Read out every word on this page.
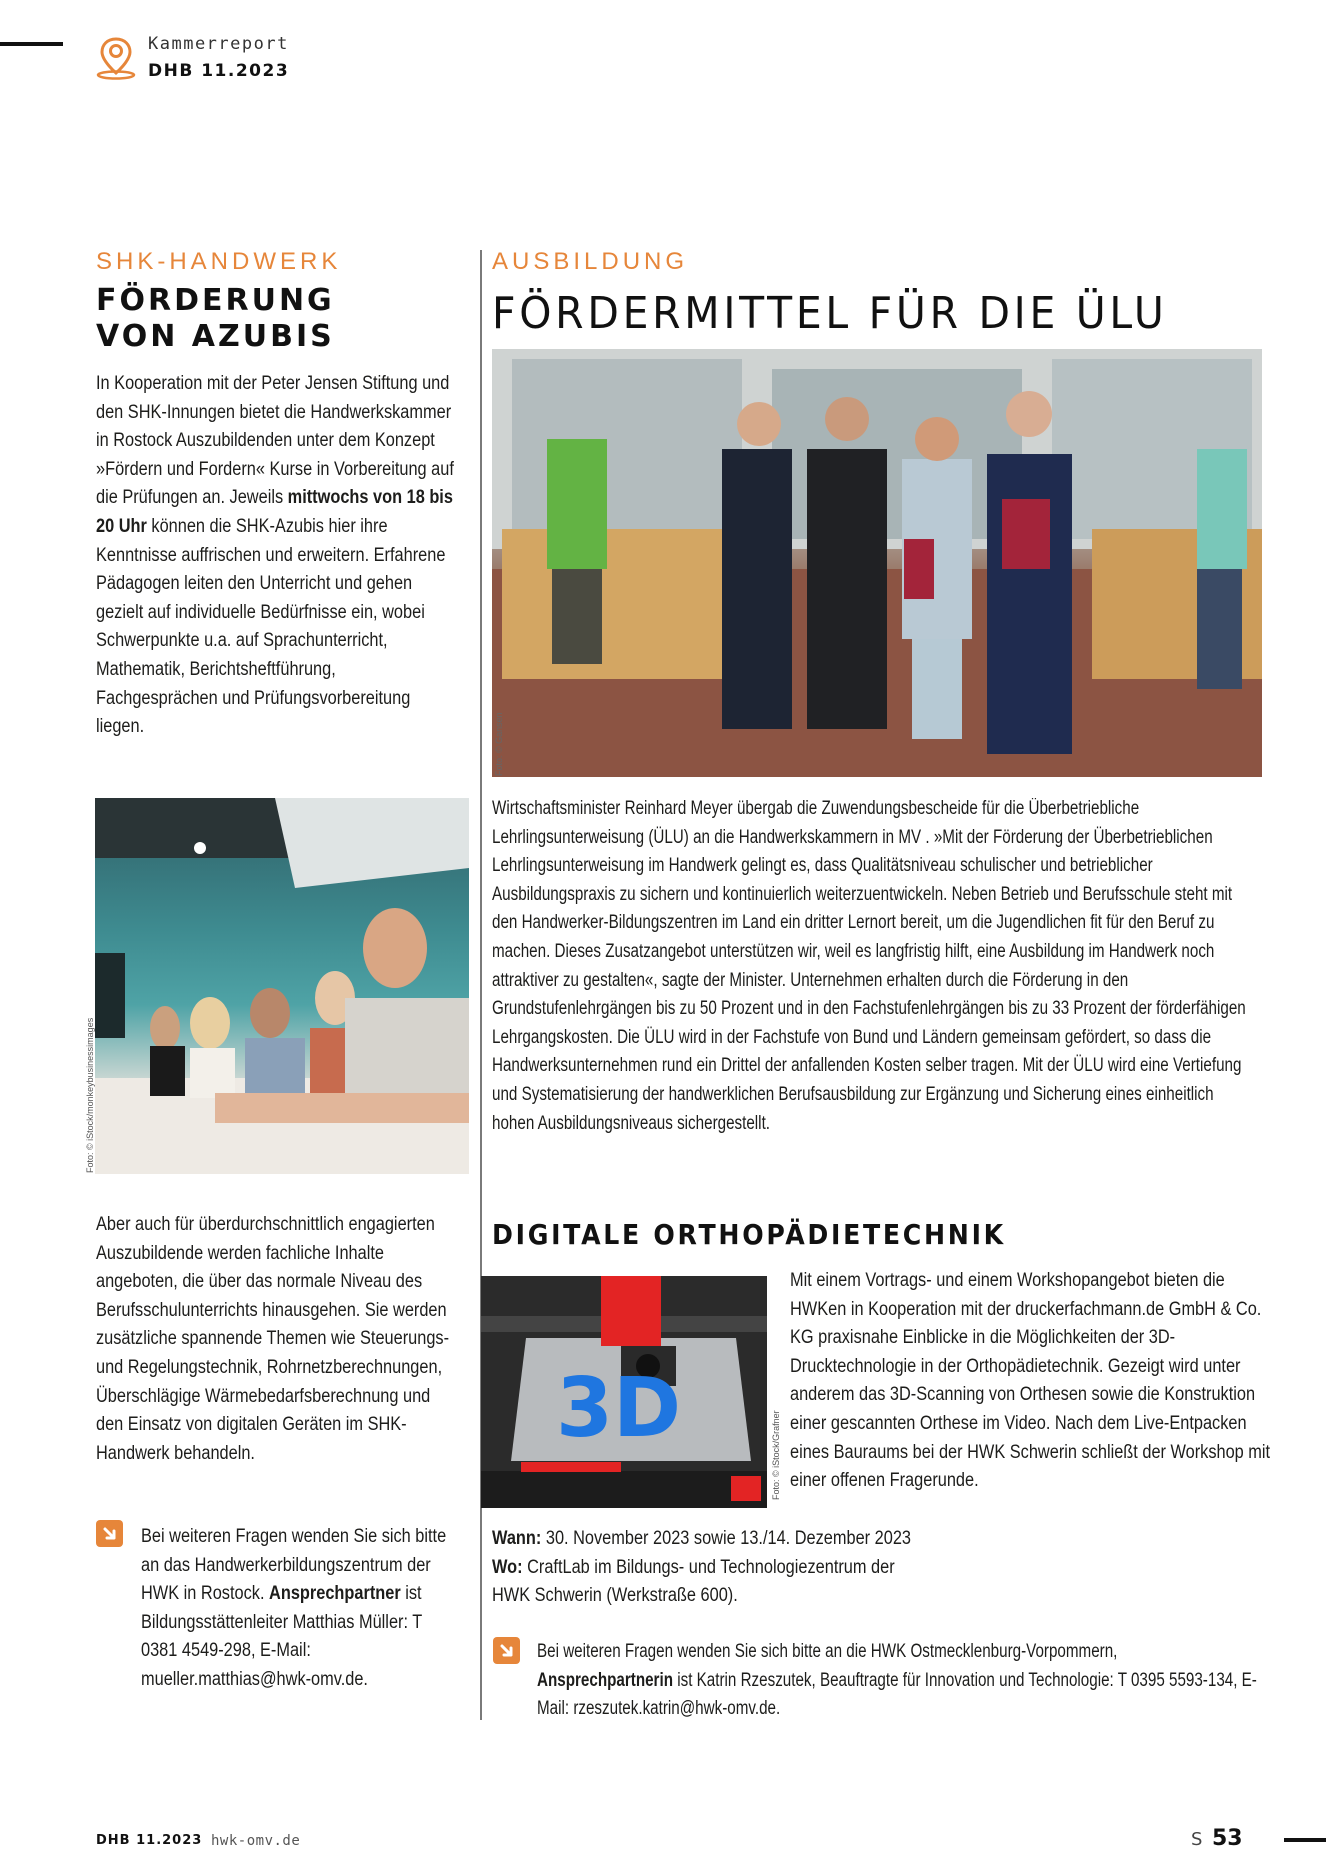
Kammerreport
DHB 11.2023
SHK-HANDWERK
FÖRDERUNG
VON AZUBIS
In Kooperation mit der Peter Jensen Stiftung und den SHK-Innungen bietet die Handwerkskammer in Rostock Auszubildenden unter dem Konzept »Fördern und Fordern« Kurse in Vorbereitung auf die Prüfungen an. Jeweils mittwochs von 18 bis 20 Uhr können die SHK-Azubis hier ihre Kenntnisse auffrischen und erweitern. Erfahrene Pädagogen leiten den Unterricht und gehen gezielt auf individuelle Bedürfnisse ein, wobei Schwerpunkte u.a. auf Sprachunterricht, Mathematik, Berichtsheftführung, Fachgesprächen und Prüfungsvorbereitung liegen.
Foto: © iStock/monkeybusinessimages
Aber auch für überdurchschnittlich engagierten Auszubildende werden fachliche Inhalte angeboten, die über das normale Niveau des Berufsschulunterrichts hinausgehen. Sie werden zusätzliche spannende Themen wie Steuerungs- und Regelungstechnik, Rohrnetzberechnungen, Überschlägige Wärmebedarfsberechnung und den Einsatz von digitalen Geräten im SHK-Handwerk behandeln.
Bei weiteren Fragen wenden Sie sich bitte an das Handwerkerbildungszentrum der HWK in Rostock. Ansprechpartner ist Bildungsstättenleiter Matthias Müller: T 0381 4549-298, E-Mail: mueller.matthias@hwk-omv.de.
AUSBILDUNG
FÖRDERMITTEL FÜR DIE ÜLU
Foto: © Gansen
Wirtschaftsminister Reinhard Meyer übergab die Zuwendungsbescheide für die Überbetriebliche Lehrlingsunterweisung (ÜLU) an die Handwerkskammern in MV . »Mit der Förderung der Überbetrieblichen Lehrlingsunterweisung im Handwerk gelingt es, dass Qualitätsniveau schulischer und betrieblicher Ausbildungspraxis zu sichern und kontinuierlich weiterzuentwickeln. Neben Betrieb und Berufsschule steht mit den Handwerker-Bildungszentren im Land ein dritter Lernort bereit, um die Jugendlichen fit für den Beruf zu machen. Dieses Zusatzangebot unterstützen wir, weil es langfristig hilft, eine Ausbildung im Handwerk noch attraktiver zu gestalten«, sagte der Minister. Unternehmen erhalten durch die Förderung in den Grundstufenlehrgängen bis zu 50 Prozent und in den Fachstufenlehrgängen bis zu 33 Prozent der förderfähigen Lehrgangskosten. Die ÜLU wird in der Fachstufe von Bund und Ländern gemeinsam gefördert, so dass die Handwerksunternehmen rund ein Drittel der anfallenden Kosten selber tragen. Mit der ÜLU wird eine Vertiefung und Systematisierung der handwerklichen Berufsausbildung zur Ergänzung und Sicherung eines einheitlich hohen Ausbildungsniveaus sichergestellt.
DIGITALE ORTHOPÄDIETECHNIK
3D	Foto: © iStock/Grafner
Mit einem Vortrags- und einem Workshopangebot bieten die HWKen in Kooperation mit der druckerfachmann.de GmbH & Co. KG praxisnahe Einblicke in die Möglichkeiten der 3D-Drucktechnologie in der Orthopädietechnik. Gezeigt wird unter anderem das 3D-Scanning von Orthesen sowie die Konstruktion einer gescannten Orthese im Video. Nach dem Live-Entpacken eines Bauraums bei der HWK Schwerin schließt der Workshop mit einer offenen Fragerunde.
Wann: 30. November 2023 sowie 13./14. Dezember 2023
Wo: CraftLab im Bildungs- und Technologiezentrum der HWK Schwerin (Werkstraße 600).
Bei weiteren Fragen wenden Sie sich bitte an die HWK Ostmecklenburg-Vorpommern, Ansprechpartnerin ist Katrin Rzeszutek, Beauftragte für Innovation und Technologie: T 0395 5593-134, E-Mail: rzeszutek.katrin@hwk-omv.de.
DHB 11.2023 hwk-omv.de	S 53
